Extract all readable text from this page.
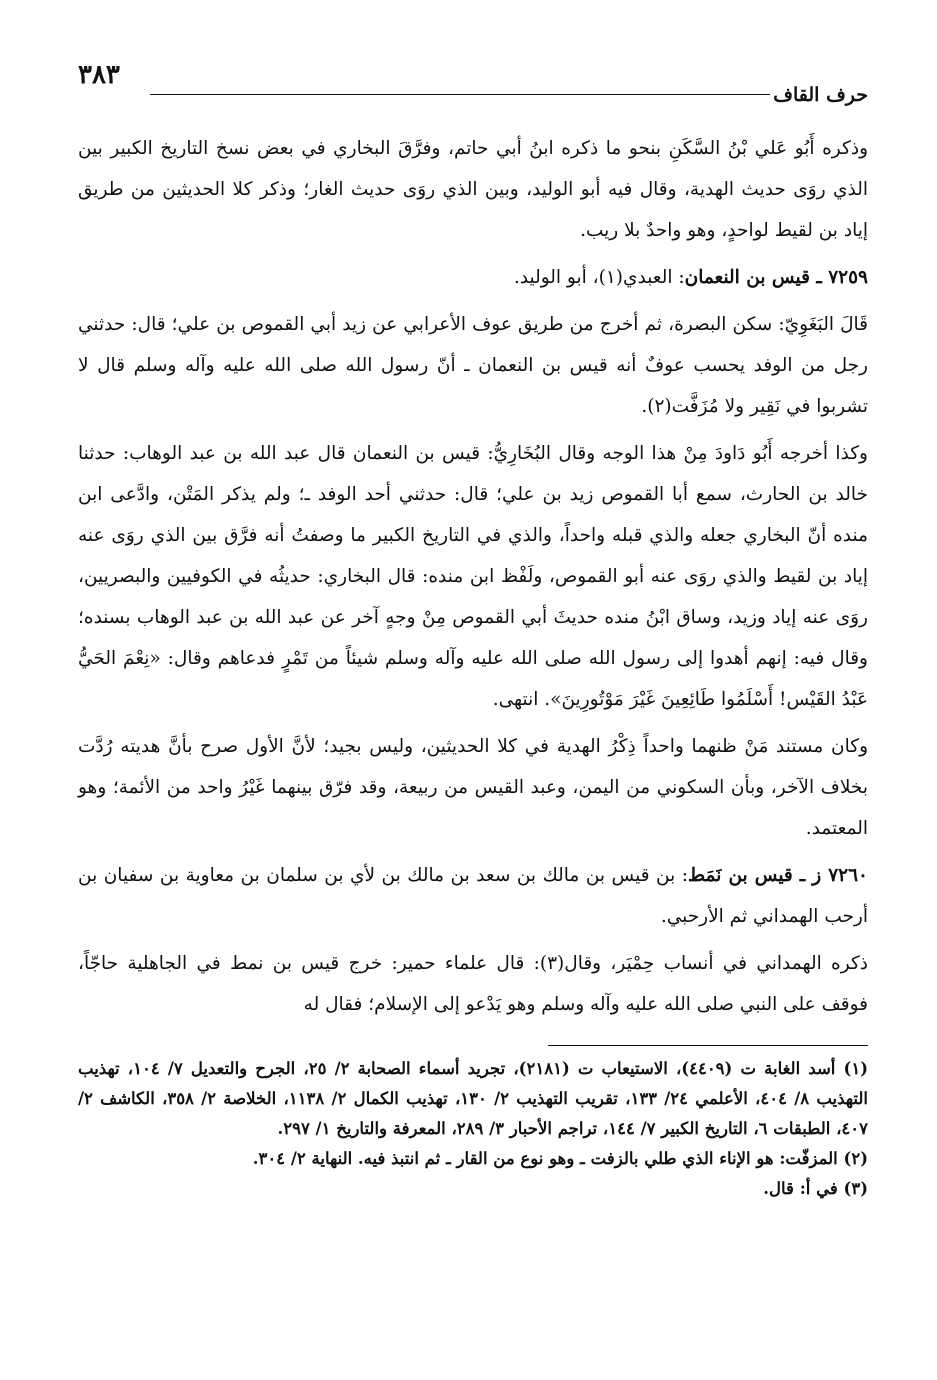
حرف القاف
٣٨٣

وذكره أَبُو عَلي بْنُ السَّكَنِ بنحو ما ذكره ابنُ أبي حاتم، وفرَّقَ البخاري في بعض نسخ التاريخ الكبير بين الذي روَى حديث الهدية، وقال فيه أبو الوليد، وبين الذي روَى حديث الغار؛ وذكر كلا الحديثين من طريق إياد بن لقيط لواحدٍ، وهو واحدٌ بلا ريب.

٧٢٥٩ ـ قيس بن النعمان: العبدي(١)، أبو الوليد.

قَالَ البَغَوِيّ: سكن البصرة، ثم أخرج من طريق عوف الأعرابي عن زيد أبي القموص بن علي؛ قال: حدثني رجل من الوفد يحسب عوفٌ أنه قيس بن النعمان ـ أنّ رسول الله صلى الله عليه وآله وسلم قال لا تشربوا في نَقِير ولا مُزَفَّت(٢).

وكذا أخرجه أَبُو دَاودَ مِنْ هذا الوجه وقال البُخَارِيُّ: قيس بن النعمان قال عبد الله بن عبد الوهاب: حدثنا خالد بن الحارث، سمع أبا القموص زيد بن علي؛ قال: حدثني أحد الوفد ـ؛ ولم يذكر المَتْن، وادَّعى ابن منده أنّ البخاري جعله والذي قبله واحداً، والذي في التاريخ الكبير ما وصفتُ أنه فرَّق بين الذي روَى عنه إياد بن لقيط والذي روَى عنه أبو القموص، ولَفْظ ابن منده: قال البخاري: حديثُه في الكوفيين والبصريين، روَى عنه إياد وزيد، وساق ابْنُ منده حديثَ أبي القموص مِنْ وجهٍ آخر عن عبد الله بن عبد الوهاب بسنده؛ وقال فيه: إنهم أهدوا إلى رسول الله صلى الله عليه وآله وسلم شيئاً من تَمْرٍ فدعاهم وقال: «نِعْمَ الحَيُّ عَبْدُ القَيْس! أَسْلَمُوا طَائِعِينَ غَيْرَ مَوْتُورِينَ». انتهى.

وكان مستند مَنْ ظنهما واحداً ذِكْرُ الهدية في كلا الحديثين، وليس بجيد؛ لأنَّ الأول صرح بأنَّ هديته رُدَّت بخلاف الآخر، وبأن السكوني من اليمن، وعبد القيس من ربيعة، وقد فرّق بينهما غَيْرُ واحد من الأئمة؛ وهو المعتمد.

٧٢٦٠ ز ـ قيس بن نَمَط: بن قيس بن مالك بن سعد بن مالك بن لأي بن سلمان بن معاوية بن سفيان بن أرحب الهمداني ثم الأرحبي.

ذكره الهمداني في أنساب حِمْيَر، وقال(٣): قال علماء حمير: خرج قيس بن نمط في الجاهلية حاجّاً، فوقف على النبي صلى الله عليه وآله وسلم وهو يَدْعو إلى الإسلام؛ فقال له

(١) أسد الغابة ت (٤٤٠٩)، الاستيعاب ت (٢١٨١)، تجريد أسماء الصحابة ٢/ ٢٥، الجرح والتعديل ٧/ ١٠٤، تهذيب التهذيب ٨/ ٤٠٤، الأعلمي ٢٤/ ١٣٣، تقريب التهذيب ٢/ ١٣٠، تهذيب الكمال ٢/ ١١٣٨، الخلاصة ٢/ ٣٥٨، الكاشف ٢/ ٤٠٧، الطبقات ٦، التاريخ الكبير ٧/ ١٤٤، تراجم الأحبار ٣/ ٢٨٩، المعرفة والتاريخ ١/ ٢٩٧.

(٢) المزفّت: هو الإناء الذي طلي بالزفت ـ وهو نوع من القار ـ ثم انتبذ فيه. النهاية ٢/ ٣٠٤.

(٣) في أ: قال.
